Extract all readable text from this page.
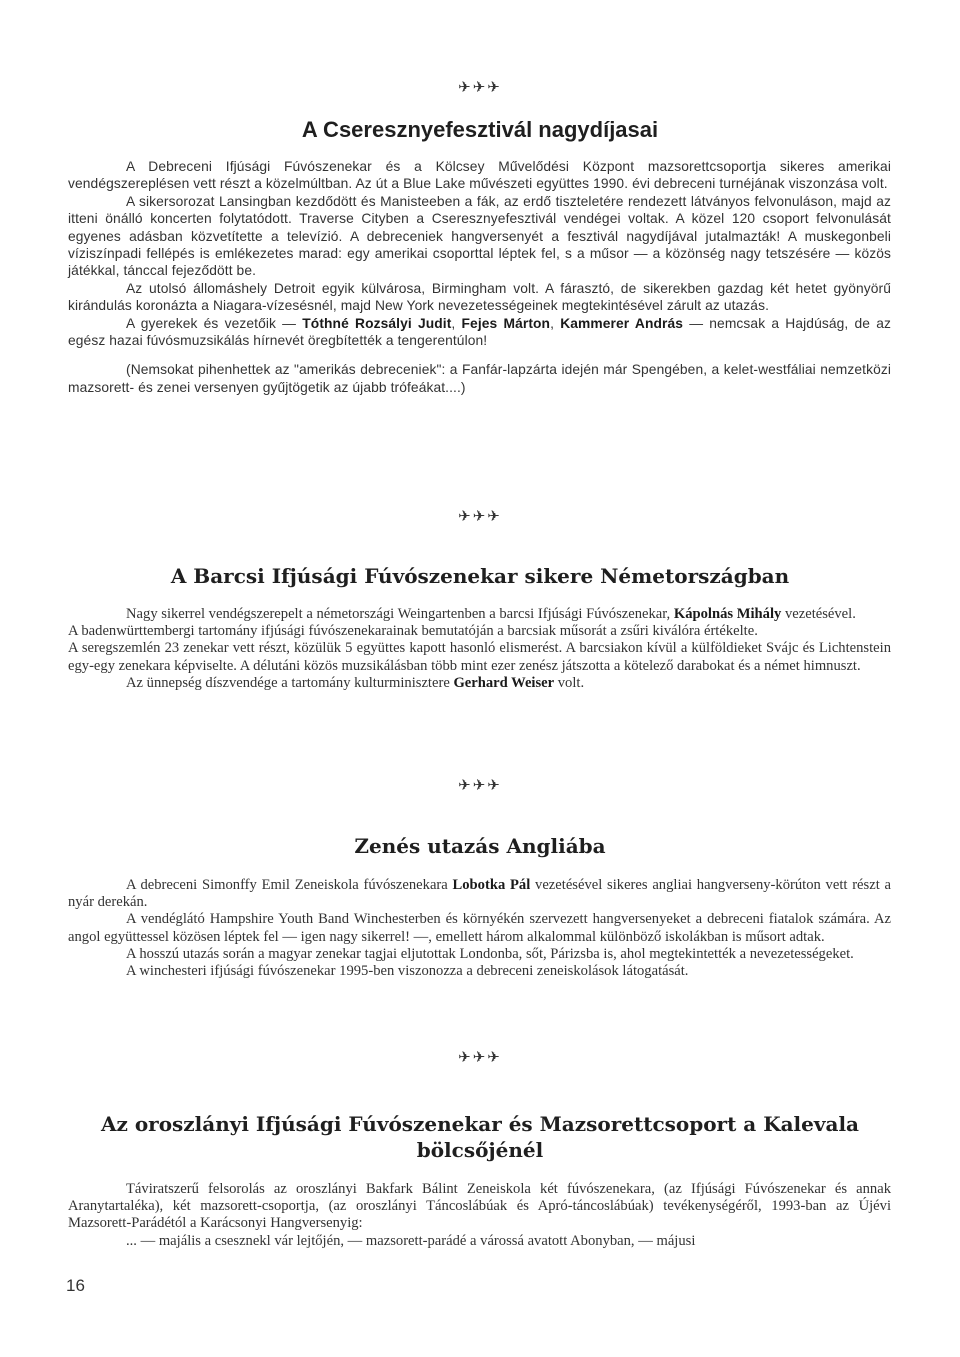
✈✈✈
A Cseresznyefesztivál nagydíjasai

A Debreceni Ifjúsági Fúvószenekar és a Kölcsey Művelődési Központ mazsorettcsoportja sikeres amerikai vendégszereplésen vett részt a közelmúltban. Az út a Blue Lake művészeti együttes 1990. évi debreceni turnéjának viszonzása volt.

A sikersorozat Lansingban kezdődött és Manisteeben a fák, az erdő tiszteletére rendezett látványos felvonuláson, majd az itteni önálló koncerten folytatódott. Traverse Cityben a Cseresznyefesztivál vendégei voltak. A közel 120 csoport felvonulását egyenes adásban közvetítette a televízió. A debreceniek hangversenyét a fesztivál nagydíjával jutalmazták! A muskegonbeli víziszínpadi fellépés is emlékezetes marad: egy amerikai csoporttal léptek fel, s a műsor — a közönség nagy tetszésére — közös játékkal, tánccal fejeződött be.

Az utolsó állomáshely Detroit egyik külvárosa, Birmingham volt. A fárasztó, de sikerekben gazdag két hetet gyönyörű kirándulás koronázta a Niagara-vízesésnél, majd New York nevezetességeinek megtekintésével zárult az utazás.

A gyerekek és vezetőik — Tóthné Rozsályi Judit, Fejes Márton, Kammerer András — nemcsak a Hajdúság, de az egész hazai fúvósmuzsikálás hírnevét öregbítették a tengerentúlon!

(Nemsokat pihenhettek az "amerikás debreceniek": a Fanfár-lapzárta idején már Spengében, a kelet-westfáliai nemzetközi mazsorett- és zenei versenyen gyűjtögetik az újabb trófeákat....)

✈✈✈
A Barcsi Ifjúsági Fúvószenekar sikere Németországban

Nagy sikerrel vendégszerepelt a németországi Weingartenben a barcsi Ifjúsági Fúvószenekar, Kápolnás Mihály vezetésével.

A badenwürttembergi tartomány ifjúsági fúvószenekarainak bemutatóján a barcsiak műsorát a zsűri kiválóra értékelte.

A seregszemlén 23 zenekar vett részt, közülük 5 együttes kapott hasonló elismerést. A barcsiakon kívül a külföldieket Svájc és Lichtenstein egy-egy zenekara képviselte. A délutáni közös muzsikálásban több mint ezer zenész játszotta a kötelező darabokat és a német himnuszt.

Az ünnepség díszvendége a tartomány kulturminisztere Gerhard Weiser volt.

✈✈✈
Zenés utazás Angliába

A debreceni Simonffy Emil Zeneiskola fúvószenekara Lobotka Pál vezetésével sikeres angliai hangverseny-körúton vett részt a nyár derekán.

A vendéglátó Hampshire Youth Band Winchesterben és környékén szervezett hangversenyeket a debreceni fiatalok számára. Az angol együttessel közösen léptek fel — igen nagy sikerrel! —, emellett három alkalommal különböző iskolákban is műsort adtak.

A hosszú utazás során a magyar zenekar tagjai eljutottak Londonba, sőt, Párizsba is, ahol megtekintették a nevezetességeket.

A winchesteri ifjúsági fúvószenekar 1995-ben viszonozza a debreceni zeneiskolások látogatását.

✈✈✈
Az oroszlányi Ifjúsági Fúvószenekar és Mazsorettcsoport a Kalevala bölcsőjénél

Táviratszerű felsorolás az oroszlányi Bakfark Bálint Zeneiskola két fúvószenekara, (az Ifjúsági Fúvószenekar és annak Aranytartaléka), két mazsorett-csoportja, (az oroszlányi Táncoslábúak és Apró-táncoslábúak) tevékenységéről, 1993-ban az Újévi Mazsorett-Parádétól a Karácsonyi Hangversenyig:

... — majális a csesznekl vár lejtőjén, — mazsorett-parádé a várossá avatott Abonyban, — májusi

16
